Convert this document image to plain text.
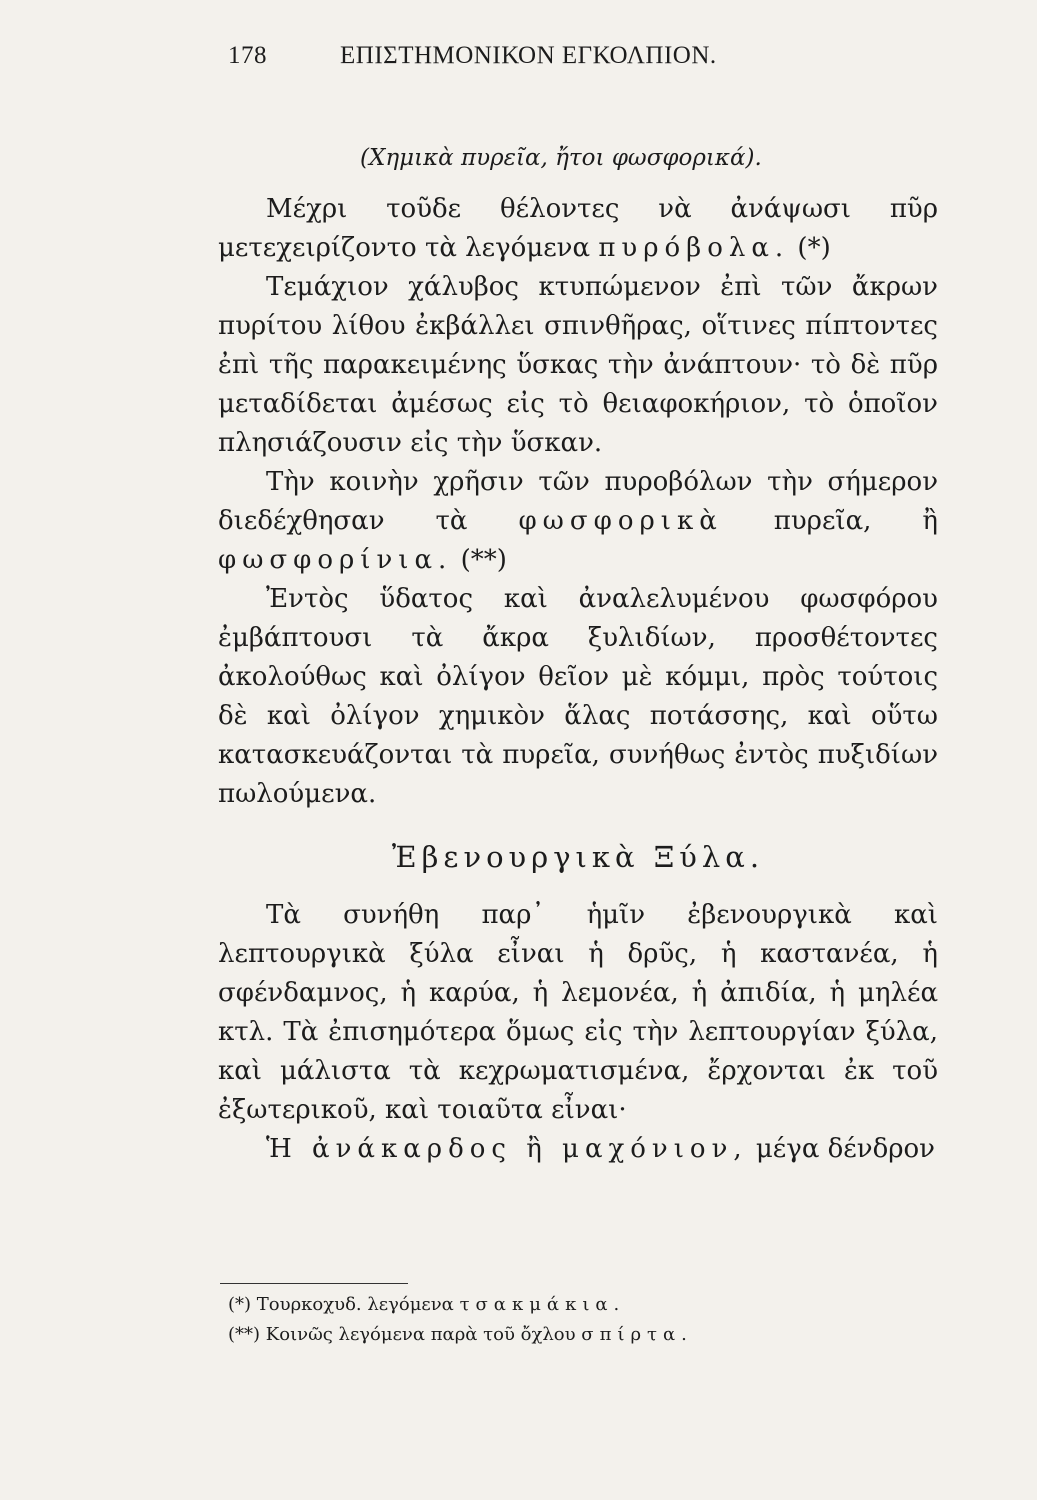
178	ΕΠΙΣΤΗΜΟΝΙΚΟΝ ΕΓΚΟΛΠΙΟΝ.
(Χημικὰ πυρεῖα, ἤτοι φωσφορικά).

Μέχρι τοῦδε θέλοντες νὰ ἀνάψωσι πῦρ μετεχειρίζοντο τὰ λεγόμενα πυρόβολα. (*)

Τεμάχιον χάλυβος κτυπώμενον ἐπὶ τῶν ἄκρων πυρίτου λίθου ἐκβάλλει σπινθῆρας, οἵτινες πίπτοντες ἐπὶ τῆς παρακειμένης ὕσκας τὴν ἀνάπτουν· τὸ δὲ πῦρ μεταδίδεται ἀμέσως εἰς τὸ θειαφοκήριον, τὸ ὁποῖον πλησιάζουσιν εἰς τὴν ὕσκαν.

Τὴν κοινὴν χρῆσιν τῶν πυροβόλων τὴν σήμερον διεδέχθησαν τὰ φωσφορικὰ πυρεῖα, ἢ φωσφορίνια. (**)

Ἐντὸς ὕδατος καὶ ἀναλελυμένου φωσφόρου ἐμβάπτουσι τὰ ἄκρα ξυλιδίων, προσθέτοντες ἀκολούθως καὶ ὀλίγον θεῖον μὲ κόμμι, πρὸς τούτοις δὲ καὶ ὀλίγον χημικὸν ἅλας ποτάσσης, καὶ οὕτω κατασκευάζονται τὰ πυρεῖα, συνήθως ἐντὸς πυξιδίων πωλούμενα.

Ἐβενουργικὰ Ξύλα.

Τὰ συνήθη παρ᾽ ἡμῖν ἐβενουργικὰ καὶ λεπτουργικὰ ξύλα εἶναι ἡ δρῦς, ἡ καστανέα, ἡ σφένδαμνος, ἡ καρύα, ἡ λεμονέα, ἡ ἀπιδία, ἡ μηλέα κτλ. Τὰ ἐπισημότερα ὅμως εἰς τὴν λεπτουργίαν ξύλα, καὶ μάλιστα τὰ κεχρωματισμένα, ἔρχονται ἐκ τοῦ ἐξωτερικοῦ, καὶ τοιαῦτα εἶναι·

Ἡ ἀνάκαρδος ἢ μαχόνιον, μέγα δένδρον

(*) Τουρκοχυδ. λεγόμενα τσακμάκια.

(**) Κοινῶς λεγόμενα παρὰ τοῦ ὄχλου σπίρτα.
